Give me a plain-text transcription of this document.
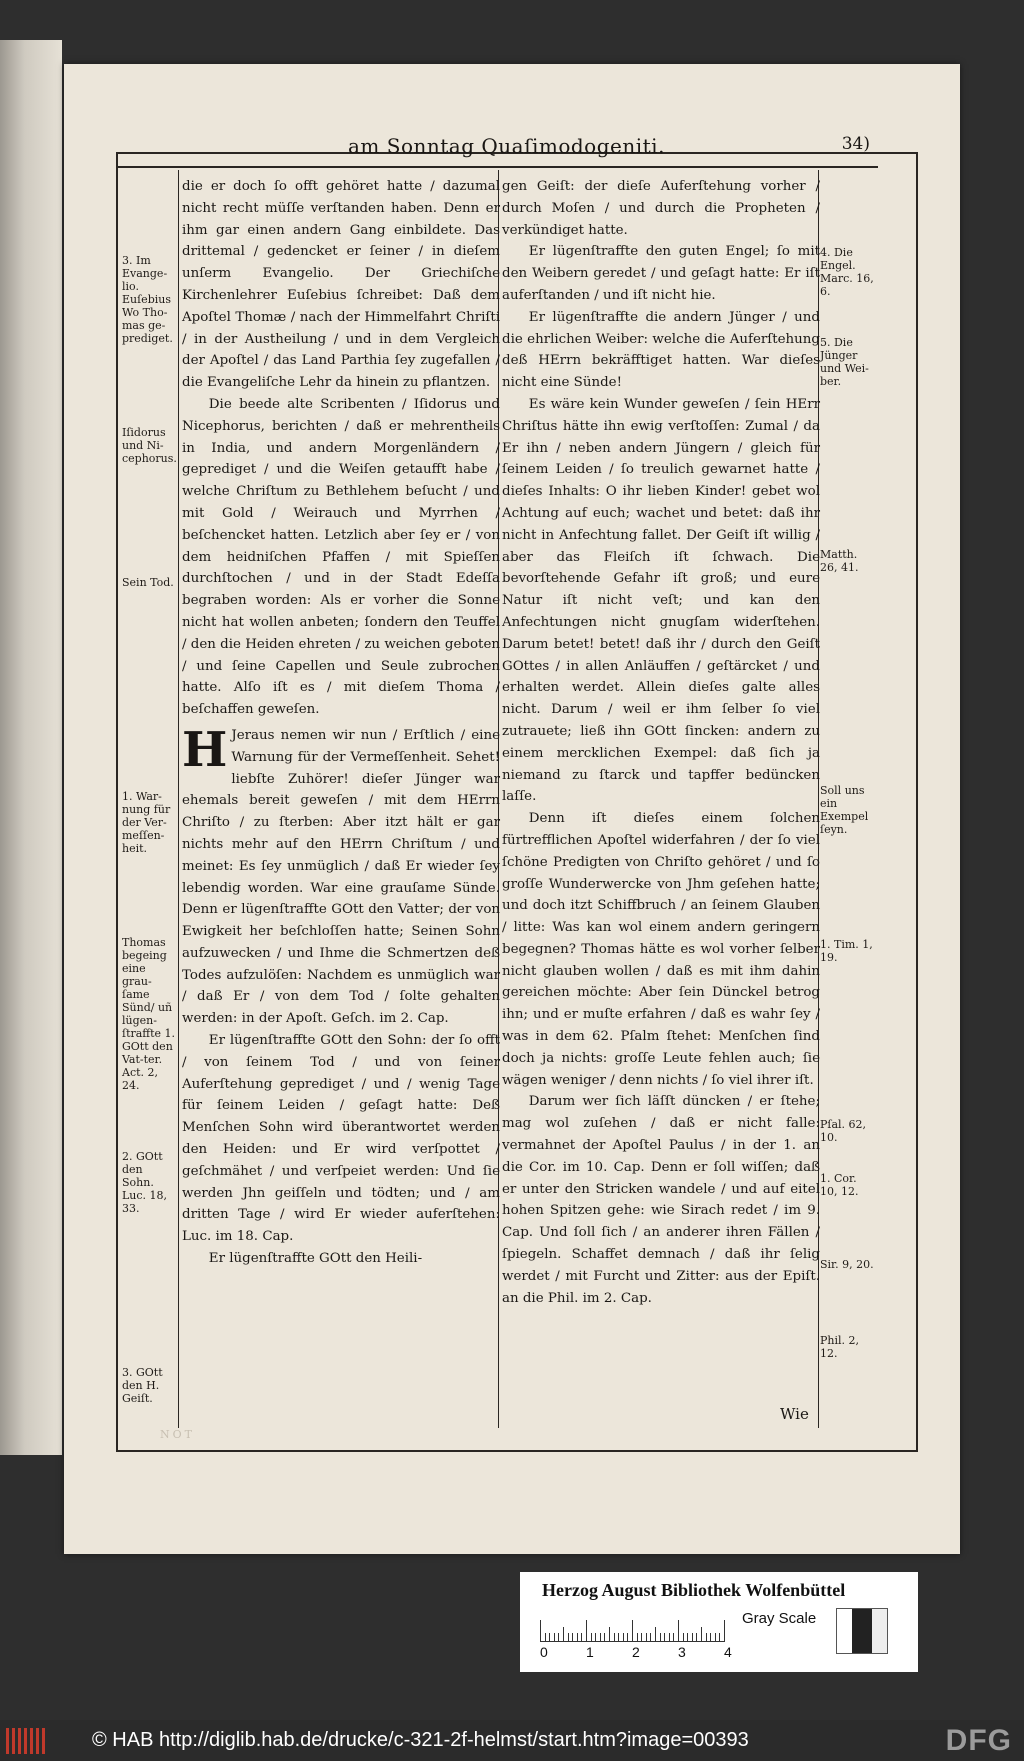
am Sonntag Quaſimodogeniti.	34)
3. Im Evange-lio. Euſebius Wo Tho-mas ge-prediget.
Iſidorus und Ni-cephorus.
Sein Tod.
1. War-nung für der Ver-meſſen-heit.
Thomas begeing eine grau-ſame Sünd/ uñ lügen-ſtraffte 1. GOtt den Vat-ter. Act. 2, 24.
2. GOtt den Sohn. Luc. 18, 33.
3. GOtt den H. Geiſt.
4. Die Engel. Marc. 16, 6.
5. Die Jünger und Wei-ber.
Matth. 26, 41.
Soll uns ein Exempel ſeyn.
1. Tim. 1, 19.
Pſal. 62, 10.
1. Cor. 10, 12.
Sir. 9, 20.
Phil. 2, 12.

die er doch ſo offt gehöret hatte / dazumal nicht recht müſſe verſtanden haben. Denn er ihm gar einen andern Gang einbildete. Das drittemal / gedencket er ſeiner / in dieſem unſerm Evangelio. Der Griechiſche Kirchenlehrer Euſebius ſchreibet: Daß dem Apoſtel Thomæ / nach der Himmelfahrt Chriſti / in der Austheilung / und in dem Vergleich der Apoſtel / das Land Parthia ſey zugefallen / die Evangeliſche Lehr da hinein zu pflantzen.

Die beede alte Scribenten / Iſidorus und Nicephorus, berichten / daß er mehrentheils in India, und andern Morgenländern / geprediget / und die Weiſen getaufft habe / welche Chriſtum zu Bethlehem beſucht / und mit Gold / Weirauch und Myrrhen / beſchencket hatten. Letzlich aber ſey er / von dem heidniſchen Pfaffen / mit Spieſſen durchſtochen / und in der Stadt Edeſſa begraben worden: Als er vorher die Sonne nicht hat wollen anbeten; ſondern den Teuffel / den die Heiden ehreten / zu weichen geboten / und ſeine Capellen und Seule zubrochen hatte. Alſo iſt es / mit dieſem Thoma / beſchaffen geweſen.

H Jeraus nemen wir nun / Erſtlich / eine Warnung für der Vermeſſenheit. Sehet! liebſte Zuhörer! dieſer Jünger war ehemals bereit geweſen / mit dem HErrn Chriſto / zu ſterben: Aber itzt hält er gar nichts mehr auf den HErrn Chriſtum / und meinet: Es ſey unmüglich / daß Er wieder ſey lebendig worden. War eine grauſame Sünde. Denn er lügenſtraffte GOtt den Vatter; der von Ewigkeit her beſchloſſen hatte; Seinen Sohn aufzuwecken / und Ihme die Schmertzen deß Todes aufzulöſen: Nachdem es unmüglich war / daß Er / von dem Tod / ſolte gehalten werden: in der Apoſt. Geſch. im 2. Cap.

Er lügenſtraffte GOtt den Sohn: der ſo offt / von ſeinem Tod / und von ſeiner Auferſtehung geprediget / und / wenig Tage für ſeinem Leiden / geſagt hatte: Deß Menſchen Sohn wird überantwortet werden den Heiden: und Er wird verſpottet / geſchmähet / und verſpeiet werden: Und ſie werden Jhn geiſſeln und tödten; und / am dritten Tage / wird Er wieder auferſtehen: Luc. im 18. Cap.

Er lügenſtraffte GOtt den Heili-

gen Geiſt: der dieſe Auferſtehung vorher / durch Moſen / und durch die Propheten / verkündiget hatte.

Er lügenſtraffte den guten Engel; ſo mit den Weibern geredet / und geſagt hatte: Er iſt auferſtanden / und iſt nicht hie.

Er lügenſtraffte die andern Jünger / und die ehrlichen Weiber: welche die Auferſtehung deß HErrn bekräfftiget hatten. War dieſes nicht eine Sünde!

Es wäre kein Wunder geweſen / ſein HErr Chriſtus hätte ihn ewig verſtoſſen: Zumal / da Er ihn / neben andern Jüngern / gleich für ſeinem Leiden / ſo treulich gewarnet hatte / dieſes Inhalts: O ihr lieben Kinder! gebet wol Achtung auf euch; wachet und betet: daß ihr nicht in Anfechtung fallet. Der Geiſt iſt willig / aber das Fleiſch iſt ſchwach. Die bevorſtehende Gefahr iſt groß; und eure Natur iſt nicht veſt; und kan den Anfechtungen nicht gnugſam widerſtehen. Darum betet! betet! daß ihr / durch den Geiſt GOttes / in allen Anläuffen / geſtärcket / und erhalten werdet. Allein dieſes galte alles nicht. Darum / weil er ihm ſelber ſo viel zutrauete; ließ ihn GOtt ſincken: andern zu einem mercklichen Exempel: daß ſich ja niemand zu ſtarck und tapffer bedüncken laſſe.

Denn iſt dieſes einem ſolchen fürtrefflichen Apoſtel widerfahren / der ſo viel ſchöne Predigten von Chriſto gehöret / und ſo groſſe Wunderwercke von Jhm geſehen hatte; und doch itzt Schiffbruch / an ſeinem Glauben / litte: Was kan wol einem andern geringern begegnen? Thomas hätte es wol vorher ſelber nicht glauben wollen / daß es mit ihm dahin gereichen möchte: Aber ſein Dünckel betrog ihn; und er muſte erfahren / daß es wahr ſey / was in dem 62. Pſalm ſtehet: Menſchen ſind doch ja nichts: groſſe Leute fehlen auch; ſie wägen weniger / denn nichts / ſo viel ihrer iſt.

Darum wer ſich läſſt düncken / er ſtehe; mag wol zuſehen / daß er nicht falle: vermahnet der Apoſtel Paulus / in der 1. an die Cor. im 10. Cap. Denn er ſoll wiſſen; daß er unter den Stricken wandele / und auf eitel hohen Spitzen gehe: wie Sirach redet / im 9. Cap. Und ſoll ſich / an anderer ihren Fällen / ſpiegeln. Schaffet demnach / daß ihr ſelig werdet / mit Furcht und Zitter: aus der Epiſt. an die Phil. im 2. Cap.

Wie
NOT
Herzog August Bibliothek Wolfenbüttel
0	1	2	3	4
Gray Scale
© HAB http://diglib.hab.de/drucke/c-321-2f-helmst/start.htm?image=00393	DFG
